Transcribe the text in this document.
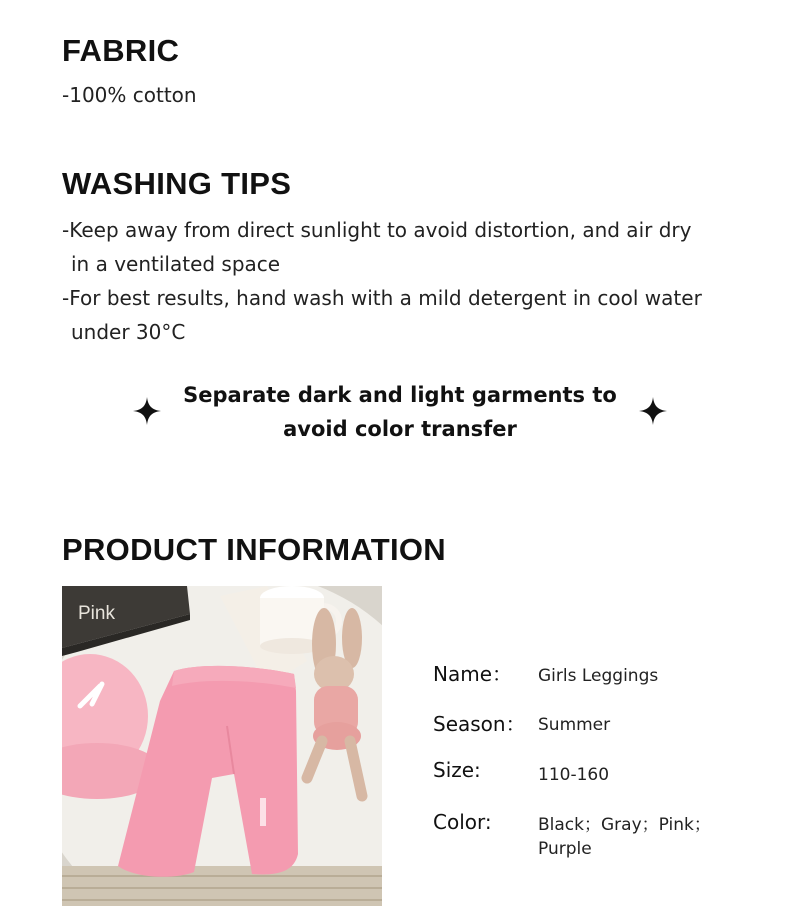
FABRIC
-100% cotton
WASHING TIPS
-Keep away from direct sunlight to avoid distortion, and air dry
in a ventilated space
-For best results, hand wash with a mild detergent in cool water
under 30°C
Separate dark and light garments to
avoid color transfer
PRODUCT INFORMATION
Pink
Name： Girls Leggings
Season： Summer
Size:	110-160
Color:	Black；Gray；Pink；Purple
